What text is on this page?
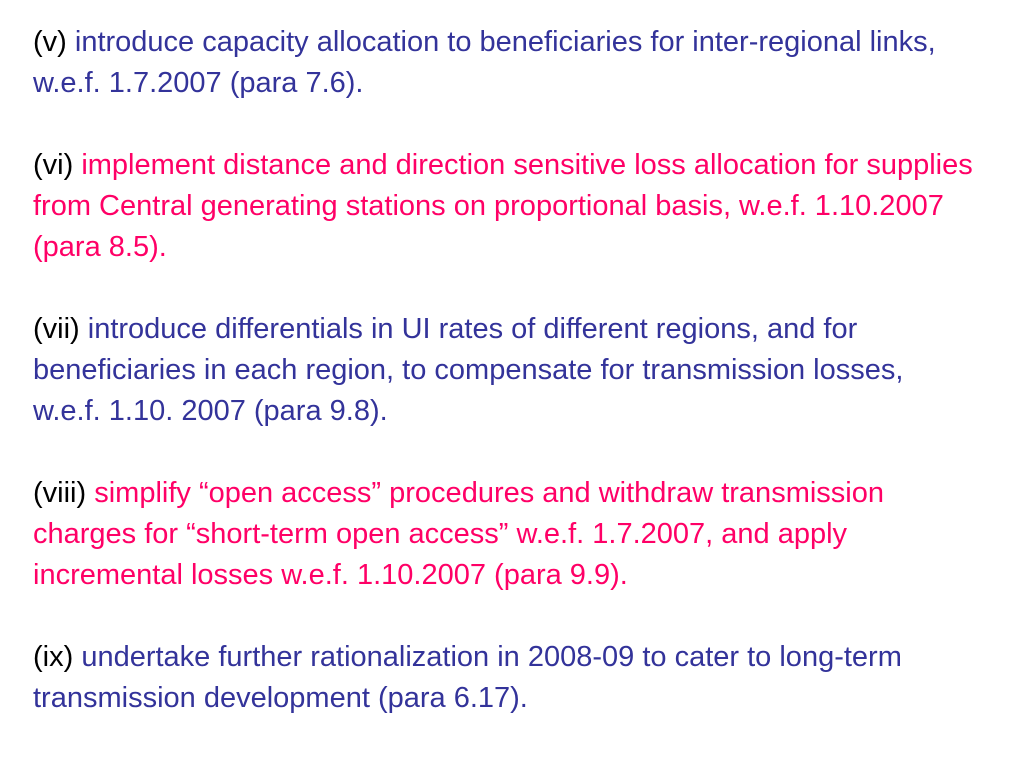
(v) introduce capacity allocation to beneficiaries for inter-regional links, w.e.f. 1.7.2007 (para 7.6).

(vi) implement distance and direction sensitive loss allocation for supplies from Central generating stations on proportional basis, w.e.f. 1.10.2007 (para 8.5).

(vii) introduce differentials in UI rates of different regions, and for beneficiaries in each region, to compensate for transmission losses, w.e.f. 1.10. 2007 (para 9.8).

(viii) simplify “open access” procedures and withdraw transmission charges for “short-term open access” w.e.f. 1.7.2007, and apply incremental losses w.e.f. 1.10.2007 (para 9.9).

(ix) undertake further rationalization in 2008-09 to cater to long-term transmission development (para 6.17).
